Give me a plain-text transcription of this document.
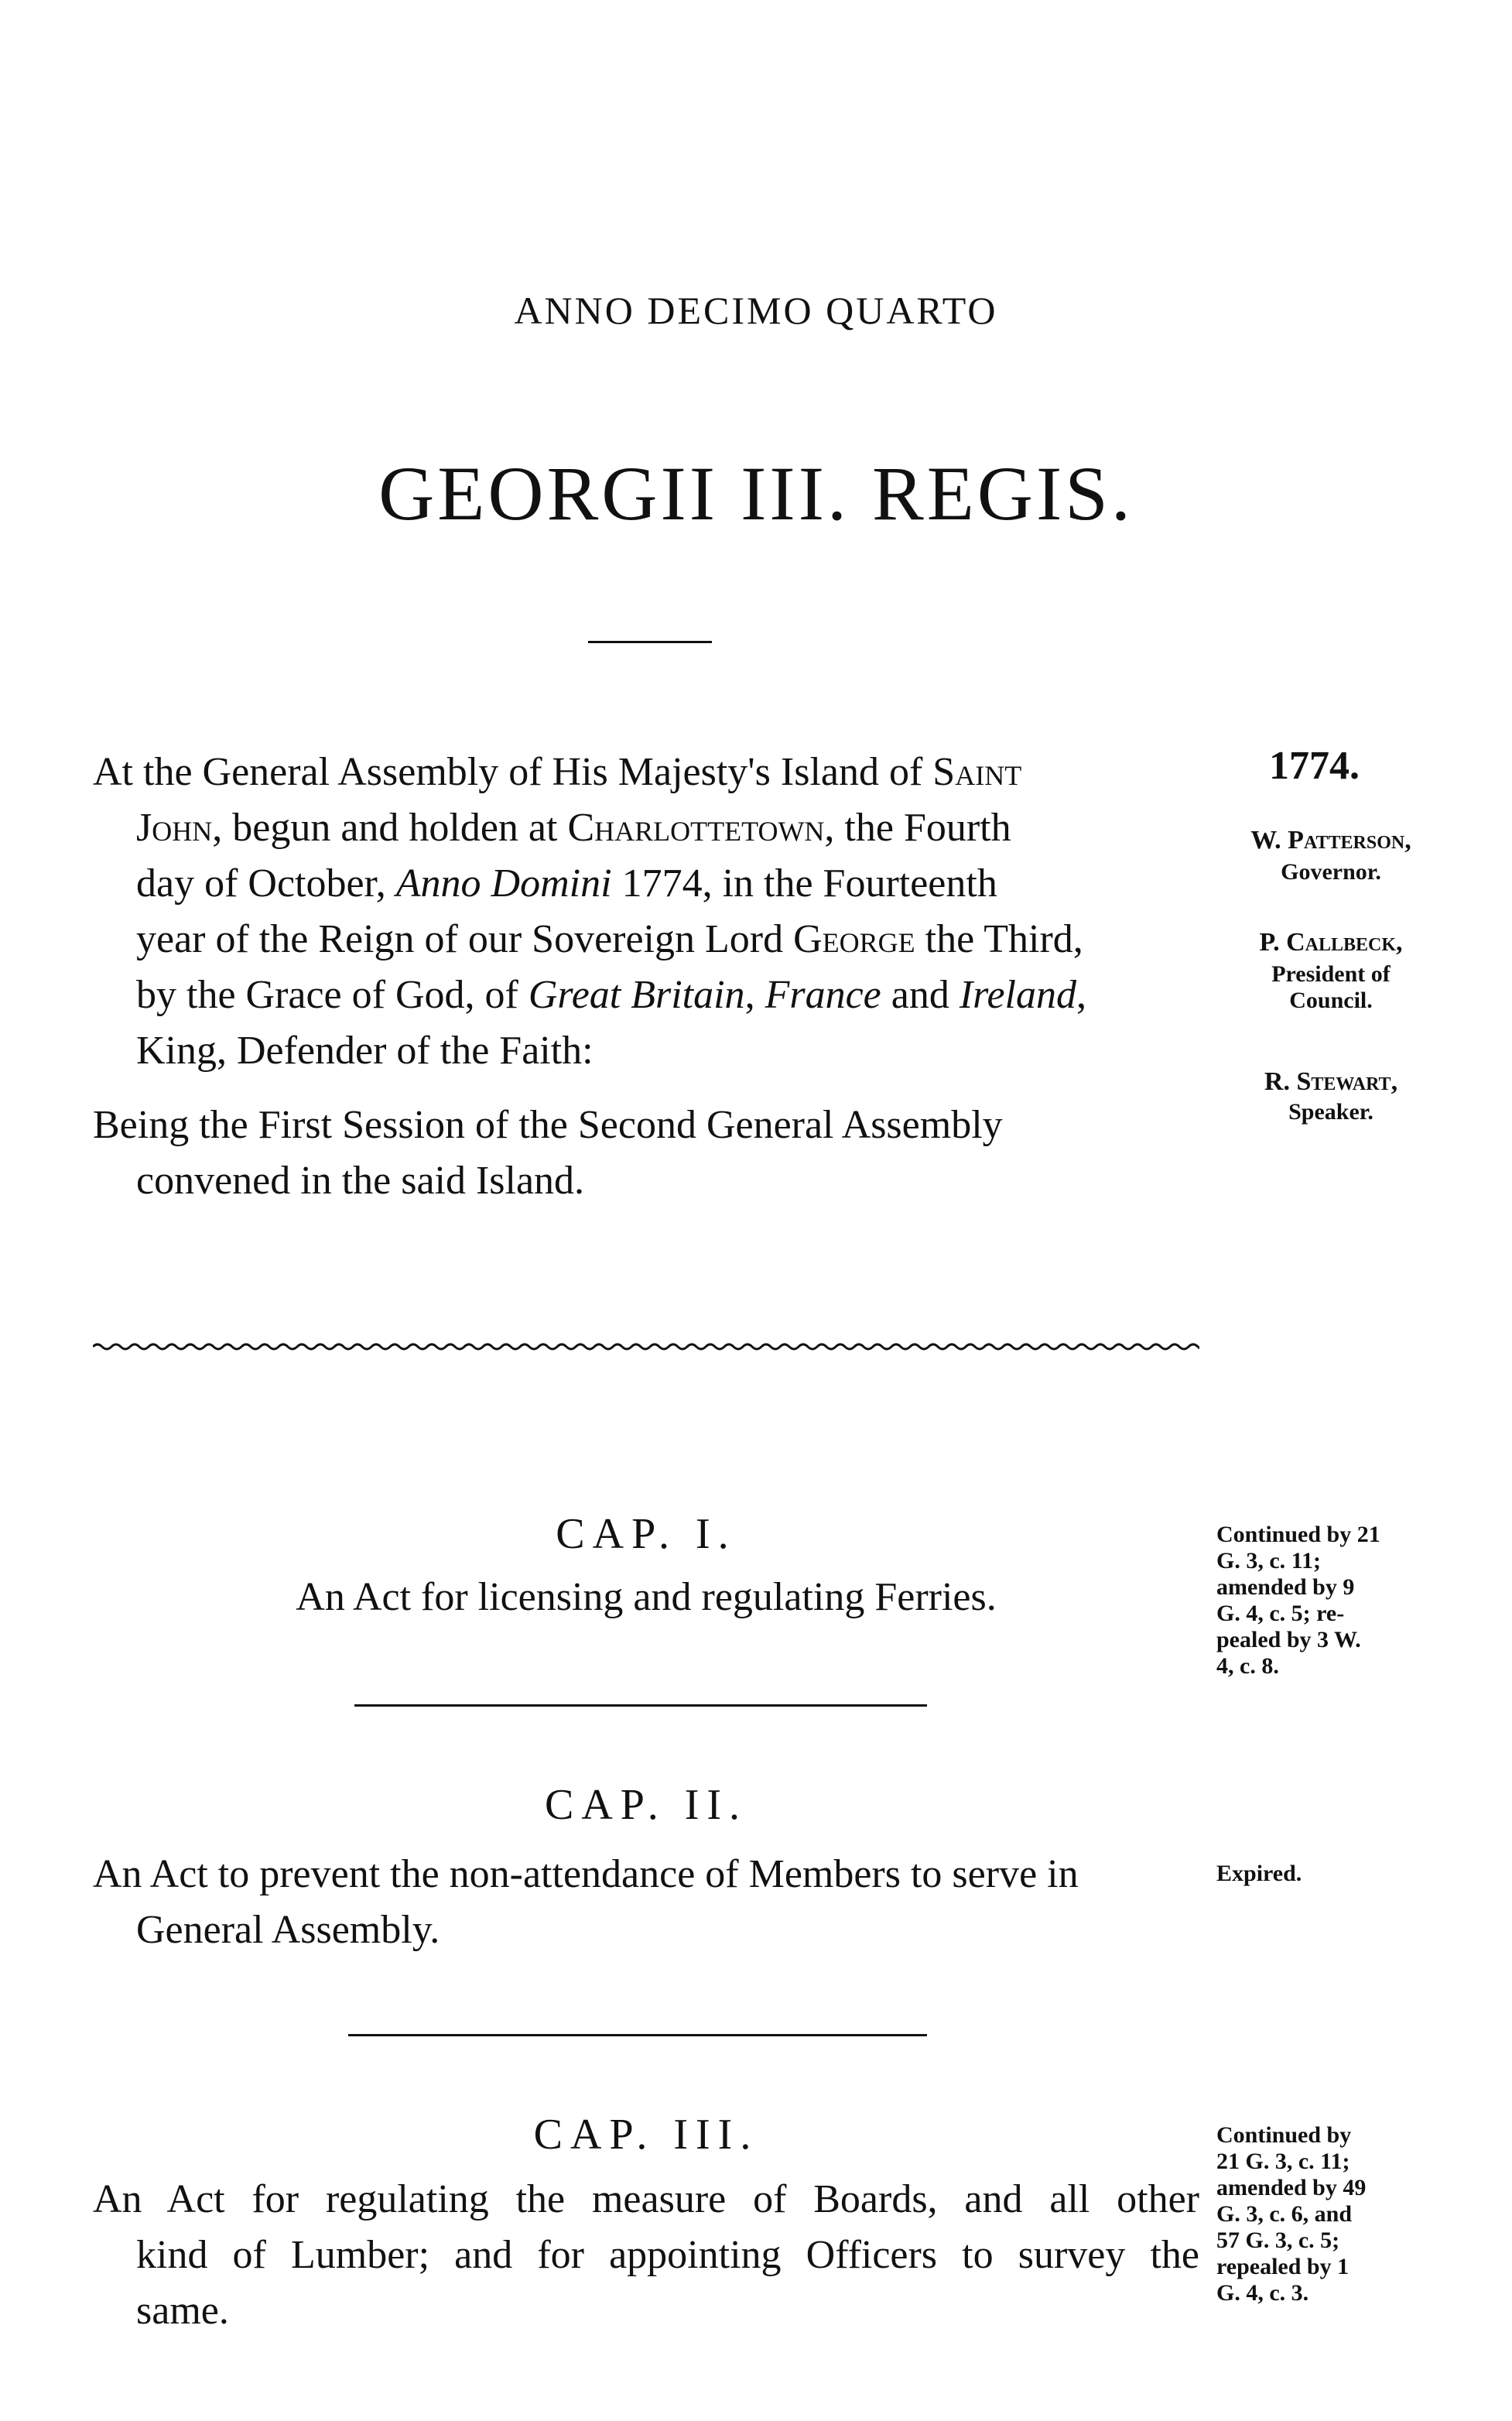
ANNO DECIMO QUARTO
GEORGII III. REGIS.
At the General Assembly of His Majesty's Island of Saint
John, begun and holden at Charlottetown, the Fourth
day of October, Anno Domini 1774, in the Fourteenth
year of the Reign of our Sovereign Lord George the Third,
by the Grace of God, of Great Britain, France and Ireland,
King, Defender of the Faith:
Being the First Session of the Second General Assembly
convened in the said Island.
1774.
W. Patterson,
Governor.
P. Callbeck,
President of
Council.
R. Stewart,
Speaker.
CAP. I.
An Act for licensing and regulating Ferries.
Continued by 21
G. 3, c. 11;
amended by 9
G. 4, c. 5; re-
pealed by 3 W.
4, c. 8.
CAP. II.
An Act to prevent the non-attendance of Members to serve in
General Assembly.
Expired.
CAP. III.
An Act for regulating the measure of Boards, and all other
kind of Lumber; and for appointing Officers to survey the
same.
Continued by
21 G. 3, c. 11;
amended by 49
G. 3, c. 6, and
57 G. 3, c. 5;
repealed by 1
G. 4, c. 3.
